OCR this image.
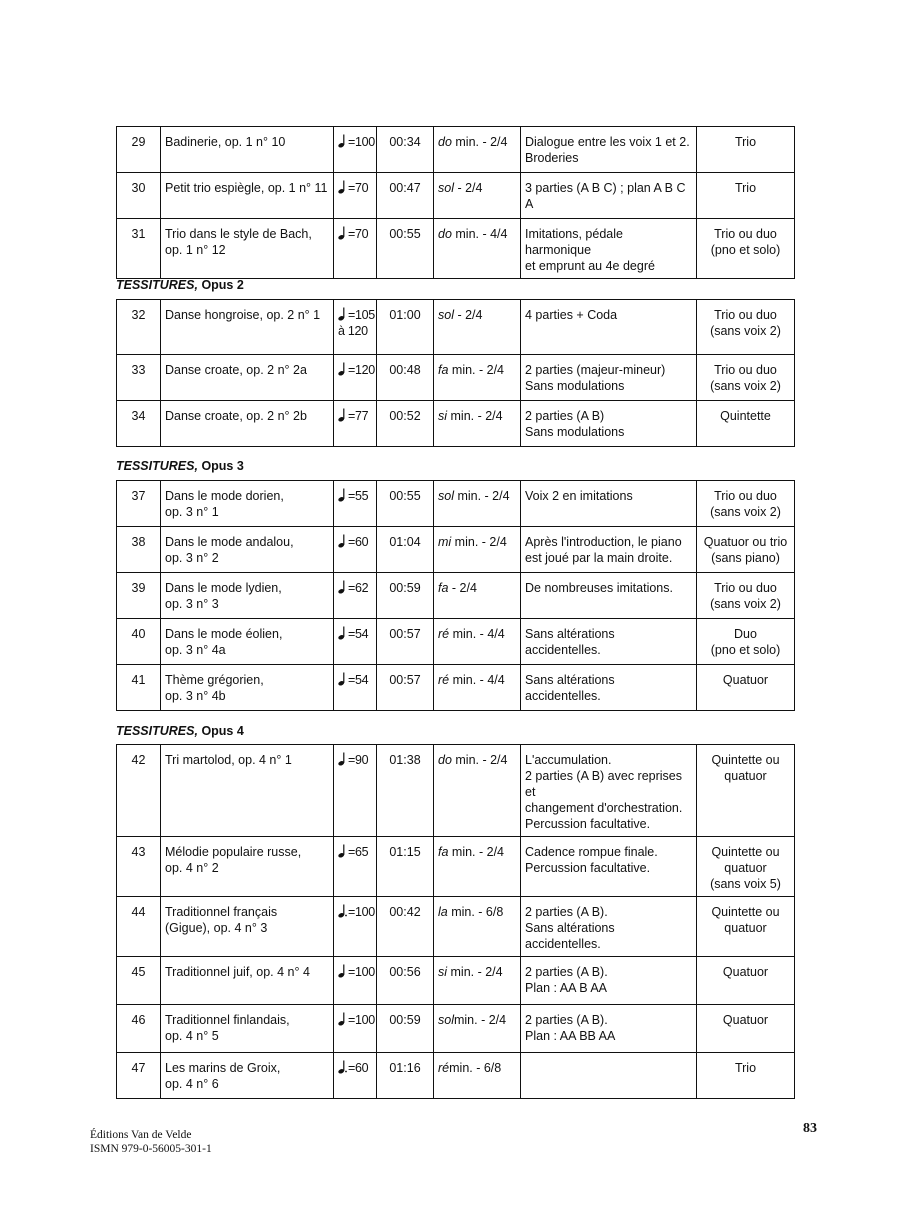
29	Badinerie, op. 1 n° 10	=100	00:34	do min. - 2/4	Dialogue entre les voix 1 et 2.
Broderies	Trio

30	Petit trio espiègle, op. 1 n° 11	=70	00:47	sol - 2/4	3 parties (A B C) ; plan A B C A	Trio

31	Trio dans le style de Bach,
op. 1 n° 12	=70	00:55	do min. - 4/4	Imitations, pédale harmonique
et emprunt au 4e degré	Trio ou duo
(pno et solo)
TESSITURES, Opus 2
32	Danse hongroise, op. 2 n° 1	=105
à 120	01:00	sol - 2/4	4 parties + Coda	Trio ou duo
(sans voix 2)

33	Danse croate, op. 2 n° 2a	=120	00:48	fa min. - 2/4	2 parties (majeur-mineur)
Sans modulations	Trio ou duo
(sans voix 2)

34	Danse croate, op. 2 n° 2b	=77	00:52	si min. - 2/4	2 parties (A B)
Sans modulations	Quintette
TESSITURES, Opus 3
37	Dans le mode dorien,
op. 3 n° 1	=55	00:55	sol min. - 2/4	Voix 2 en imitations	Trio ou duo
(sans voix 2)

38	Dans le mode andalou,
op. 3 n° 2	=60	01:04	mi min. - 2/4	Après l'introduction, le piano
est joué par la main droite.	Quatuor ou trio
(sans piano)

39	Dans le mode lydien,
op. 3 n° 3	=62	00:59	fa - 2/4	De nombreuses imitations.	Trio ou duo
(sans voix 2)

40	Dans le mode éolien,
op. 3 n° 4a	=54	00:57	ré min. - 4/4	Sans altérations accidentelles.	Duo
(pno et solo)

41	Thème grégorien,
op. 3 n° 4b	=54	00:57	ré min. - 4/4	Sans altérations accidentelles.	Quatuor
TESSITURES, Opus 4
42	Tri martolod, op. 4 n° 1	=90	01:38	do min. - 2/4	L'accumulation.
2 parties (A B) avec reprises et
changement d'orchestration.
Percussion facultative.	Quintette ou
quatuor

43	Mélodie populaire russe,
op. 4 n° 2	=65	01:15	fa min. - 2/4	Cadence rompue finale.
Percussion facultative.	Quintette ou
quatuor
(sans voix 5)

44	Traditionnel français
(Gigue), op. 4 n° 3	=100	00:42	la min. - 6/8	2 parties (A B).
Sans altérations accidentelles.	Quintette ou
quatuor

45	Traditionnel juif, op. 4 n° 4	=100	00:56	si min. - 2/4	2 parties (A B).
Plan : AA B AA	Quatuor

46	Traditionnel finlandais,
op. 4 n° 5	=100	00:59	solmin. - 2/4	2 parties (A B).
Plan : AA BB AA	Quatuor

47	Les marins de Groix,
op. 4 n° 6	=60	01:16	rémin. - 6/8		Trio
Éditions Van de Velde
ISMN 979-0-56005-301-1
83
